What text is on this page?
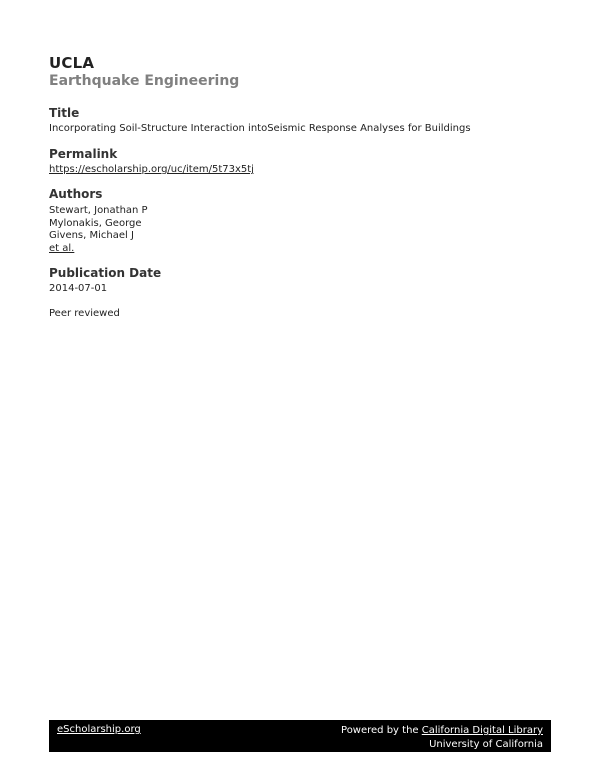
UCLA
Earthquake Engineering
Title
Incorporating Soil-Structure Interaction intoSeismic Response Analyses for Buildings
Permalink
https://escholarship.org/uc/item/5t73x5tj
Authors
Stewart, Jonathan P
Mylonakis, George
Givens, Michael J
et al.
Publication Date
2014-07-01
Peer reviewed
eScholarship.org	Powered by the California Digital Library
University of California
